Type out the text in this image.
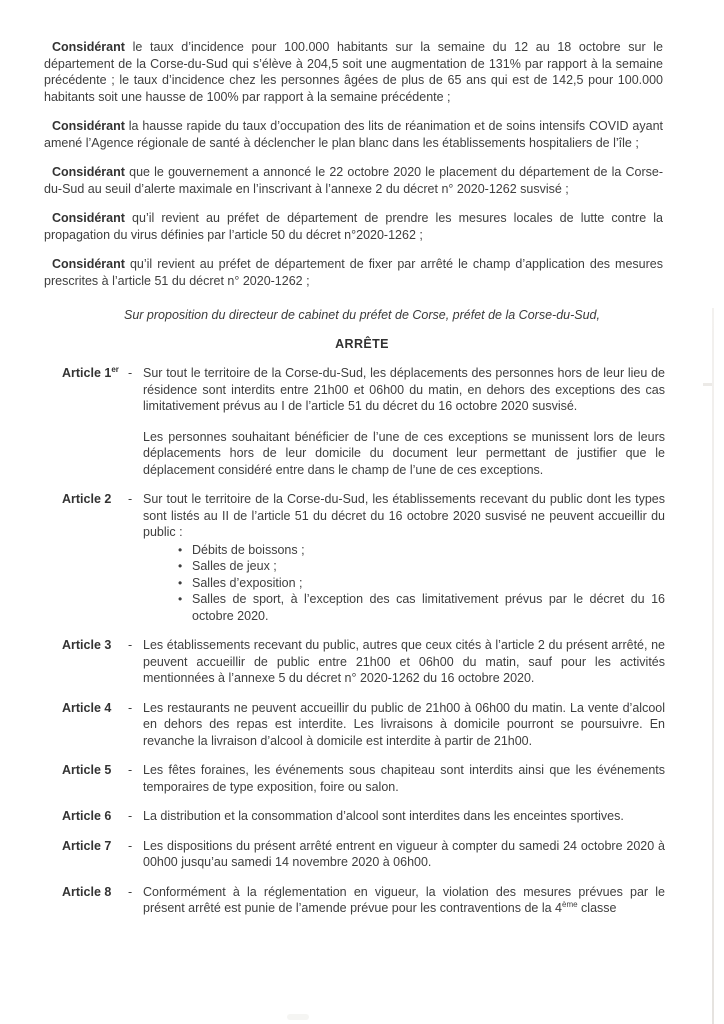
Considérant le taux d’incidence pour 100.000 habitants sur la semaine du 12 au 18 octobre sur le département de la Corse-du-Sud qui s’élève à 204,5 soit une augmentation de 131% par rapport à la semaine précédente ; le taux d’incidence chez les personnes âgées de plus de 65 ans qui est de 142,5 pour 100.000 habitants soit une hausse de 100% par rapport à la semaine précédente ;

Considérant la hausse rapide du taux d’occupation des lits de réanimation et de soins intensifs COVID ayant amené l’Agence régionale de santé à déclencher le plan blanc dans les établissements hospitaliers de l’île ;

Considérant que le gouvernement a annoncé le 22 octobre 2020 le placement du département de la Corse-du-Sud au seuil d’alerte maximale en l’inscrivant à l’annexe 2 du décret n° 2020-1262 susvisé ;

Considérant qu’il revient au préfet de département de prendre les mesures locales de lutte contre la propagation du virus définies par l’article 50 du décret n°2020-1262 ;

Considérant qu’il revient au préfet de département de fixer par arrêté le champ d’application des mesures prescrites à l’article 51 du décret n° 2020-1262 ;

Sur proposition du directeur de cabinet du préfet de Corse, préfet de la Corse-du-Sud,

ARRÊTE

Article 1er - Sur tout le territoire de la Corse-du-Sud, les déplacements des personnes hors de leur lieu de résidence sont interdits entre 21h00 et 06h00 du matin, en dehors des exceptions des cas limitativement prévus au I de l’article 51 du décret du 16 octobre 2020 susvisé.

Les personnes souhaitant bénéficier de l’une de ces exceptions se munissent lors de leurs déplacements hors de leur domicile du document leur permettant de justifier que le déplacement considéré entre dans le champ de l’une de ces exceptions.

Article 2	- Sur tout le territoire de la Corse-du-Sud, les établissements recevant du public dont les types sont listés au II de l’article 51 du décret du 16 octobre 2020 susvisé ne peuvent accueillir du public :

• Débits de boissons ;
• Salles de jeux ;
• Salles d’exposition ;
• Salles de sport, à l’exception des cas limitativement prévus par le décret du 16 octobre 2020.
Article 3	- Les établissements recevant du public, autres que ceux cités à l’article 2 du présent arrêté, ne peuvent accueillir de public entre 21h00 et 06h00 du matin, sauf pour les activités mentionnées à l’annexe 5 du décret n° 2020-1262 du 16 octobre 2020.

Article 4	- Les restaurants ne peuvent accueillir du public de 21h00 à 06h00 du matin. La vente d’alcool en dehors des repas est interdite. Les livraisons à domicile pourront se poursuivre. En revanche la livraison d’alcool à domicile est interdite à partir de 21h00.

Article 5	- Les fêtes foraines, les événements sous chapiteau sont interdits ainsi que les événements temporaires de type exposition, foire ou salon.

Article 6	- La distribution et la consommation d’alcool sont interdites dans les enceintes sportives.

Article 7	- Les dispositions du présent arrêté entrent en vigueur à compter du samedi 24 octobre 2020 à 00h00 jusqu’au samedi 14 novembre 2020 à 06h00.

Article 8	- Conformément à la réglementation en vigueur, la violation des mesures prévues par le présent arrêté est punie de l’amende prévue pour les contraventions de la 4ème classe
